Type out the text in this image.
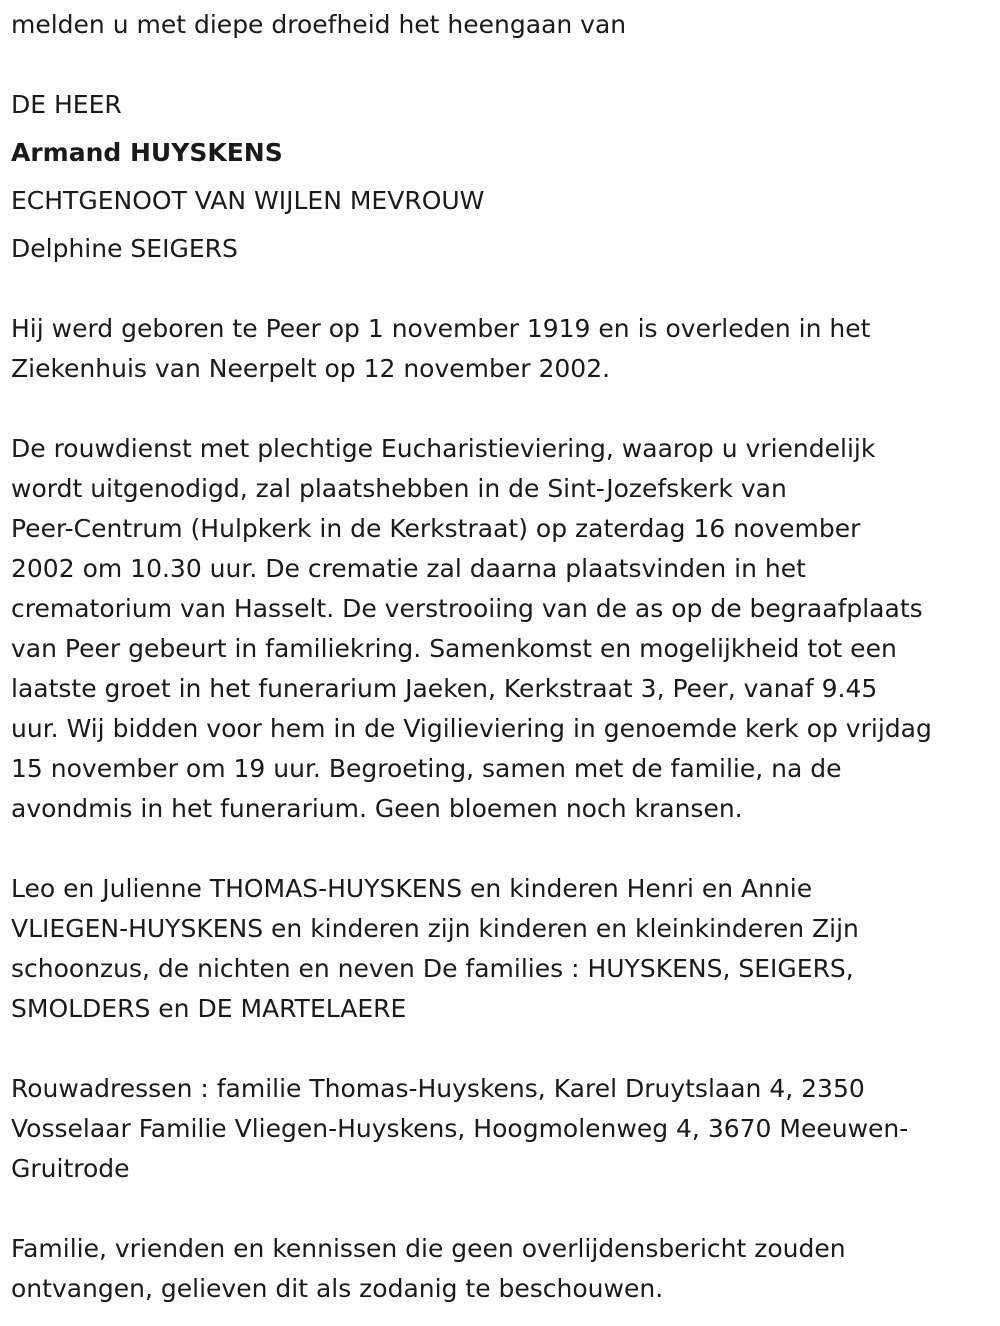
melden u met diepe droefheid het heengaan van

DE HEER

Armand HUYSKENS

ECHTGENOOT VAN WIJLEN MEVROUW

Delphine SEIGERS

Hij werd geboren te Peer op 1 november 1919 en is overleden in het

Ziekenhuis van Neerpelt op 12 november 2002.

De rouwdienst met plechtige Eucharistieviering, waarop u vriendelijk

wordt uitgenodigd, zal plaatshebben in de Sint-Jozefskerk van

Peer-Centrum (Hulpkerk in de Kerkstraat) op zaterdag 16 november

2002 om 10.30 uur. De crematie zal daarna plaatsvinden in het

crematorium van Hasselt. De verstrooiing van de as op de begraafplaats

van Peer gebeurt in familiekring. Samenkomst en mogelijkheid tot een

laatste groet in het funerarium Jaeken, Kerkstraat 3, Peer, vanaf 9.45

uur. Wij bidden voor hem in de Vigilieviering in genoemde kerk op vrijdag

15 november om 19 uur. Begroeting, samen met de familie, na de

avondmis in het funerarium. Geen bloemen noch kransen.

Leo en Julienne THOMAS-HUYSKENS en kinderen Henri en Annie

VLIEGEN-HUYSKENS en kinderen zijn kinderen en kleinkinderen Zijn

schoonzus, de nichten en neven De families : HUYSKENS, SEIGERS,

SMOLDERS en DE MARTELAERE

Rouwadressen : familie Thomas-Huyskens, Karel Druytslaan 4, 2350

Vosselaar Familie Vliegen-Huyskens, Hoogmolenweg 4, 3670 Meeuwen-

Gruitrode

Familie, vrienden en kennissen die geen overlijdensbericht zouden

ontvangen, gelieven dit als zodanig te beschouwen.
